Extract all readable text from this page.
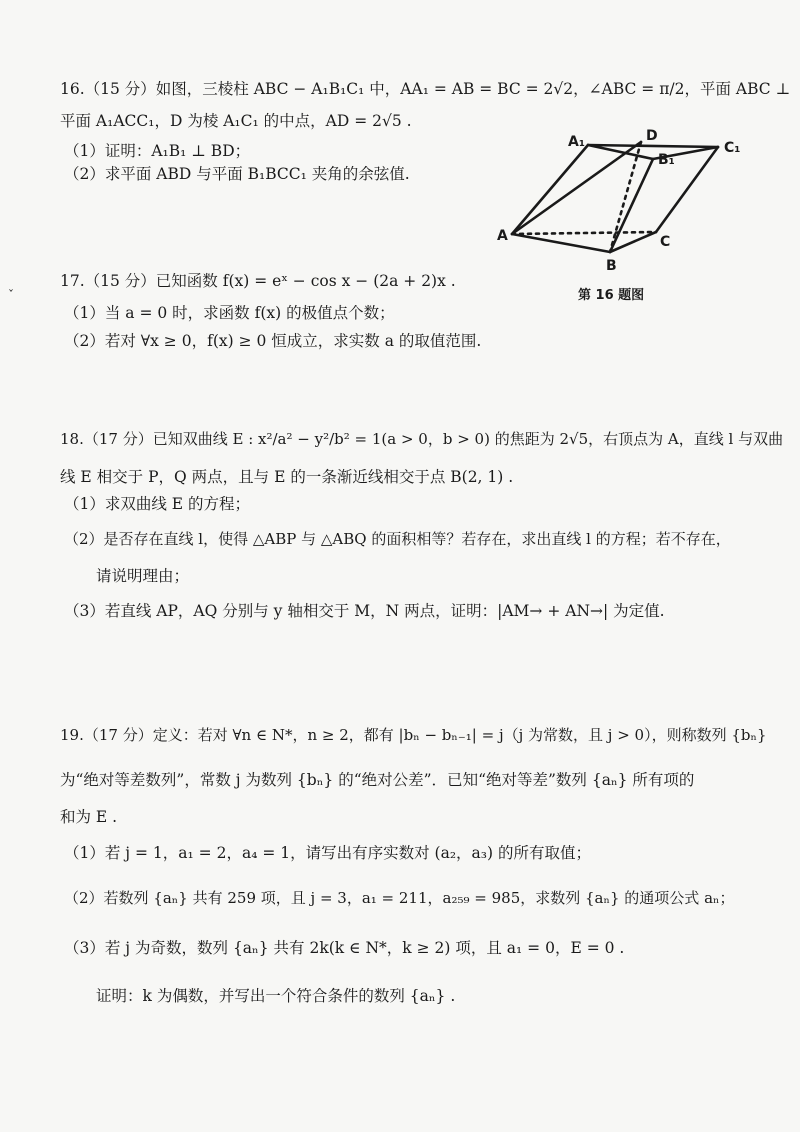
16.（15 分）如图，三棱柱 ABC − A₁B₁C₁ 中，AA₁ = AB = BC = 2√2，∠ABC = π/2，平面 ABC ⊥
平面 A₁ACC₁，D 为棱 A₁C₁ 的中点，AD = 2√5 .
（1）证明：A₁B₁ ⊥ BD；
（2）求平面 ABD 与平面 B₁BCC₁ 夹角的余弦值.
A₁	D
B₁
C₁
A
B
C
第 16 题图
ˇ
17.（15 分）已知函数 f(x) = eˣ − cos x − (2a + 2)x .
（1）当 a = 0 时，求函数 f(x) 的极值点个数；
（2）若对 ∀x ≥ 0，f(x) ≥ 0 恒成立，求实数 a 的取值范围.
18.（17 分）已知双曲线 E : x²/a² − y²/b² = 1(a > 0，b > 0) 的焦距为 2√5，右顶点为 A，直线 l 与双曲
线 E 相交于 P，Q 两点，且与 E 的一条渐近线相交于点 B(2, 1) .
（1）求双曲线 E 的方程；
（2）是否存在直线 l，使得 △ABP 与 △ABQ 的面积相等？若存在，求出直线 l 的方程；若不存在，
请说明理由；
（3）若直线 AP，AQ 分别与 y 轴相交于 M，N 两点，证明：|AM→ + AN→| 为定值.
19.（17 分）定义：若对 ∀n ∈ N*，n ≥ 2，都有 |bₙ − bₙ₋₁| = j（j 为常数，且 j > 0），则称数列 {bₙ}
为“绝对等差数列”，常数 j 为数列 {bₙ} 的“绝对公差”．已知“绝对等差”数列 {aₙ} 所有项的
和为 E .
（1）若 j = 1，a₁ = 2，a₄ = 1，请写出有序实数对 (a₂，a₃) 的所有取值；
（2）若数列 {aₙ} 共有 259 项，且 j = 3，a₁ = 211，a₂₅₉ = 985，求数列 {aₙ} 的通项公式 aₙ；
（3）若 j 为奇数，数列 {aₙ} 共有 2k(k ∈ N*，k ≥ 2) 项，且 a₁ = 0，E = 0 .
证明：k 为偶数，并写出一个符合条件的数列 {aₙ} .
